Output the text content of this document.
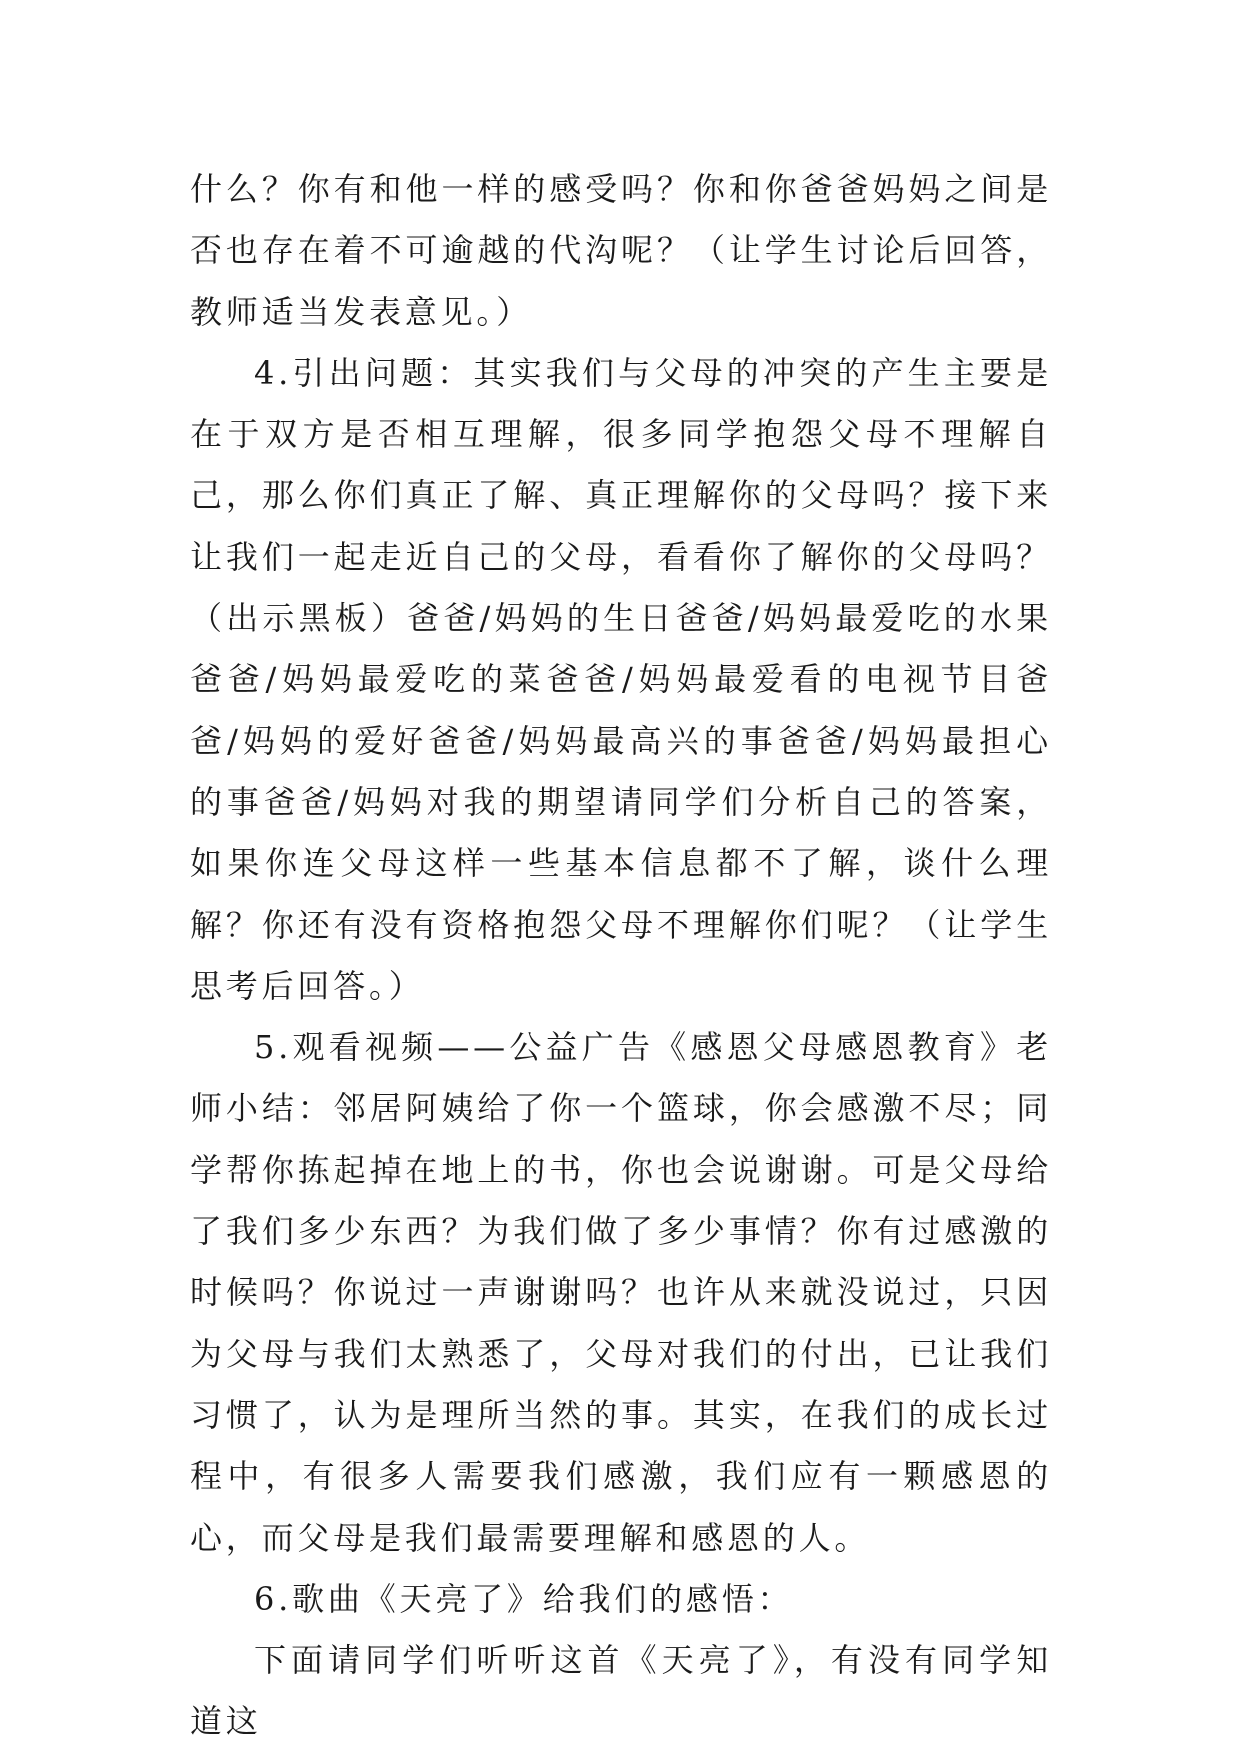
什么？你有和他一样的感受吗？你和你爸爸妈妈之间是否也存在着不可逾越的代沟呢？（让学生讨论后回答，教师适当发表意见。）

4.引出问题：其实我们与父母的冲突的产生主要是在于双方是否相互理解，很多同学抱怨父母不理解自己，那么你们真正了解、真正理解你的父母吗？接下来让我们一起走近自己的父母，看看你了解你的父母吗？（出示黑板）爸爸/妈妈的生日爸爸/妈妈最爱吃的水果爸爸/妈妈最爱吃的菜爸爸/妈妈最爱看的电视节目爸爸/妈妈的爱好爸爸/妈妈最高兴的事爸爸/妈妈最担心的事爸爸/妈妈对我的期望请同学们分析自己的答案，如果你连父母这样一些基本信息都不了解，谈什么理解？你还有没有资格抱怨父母不理解你们呢？（让学生思考后回答。）

5.观看视频——公益广告《感恩父母感恩教育》老师小结：邻居阿姨给了你一个篮球，你会感激不尽；同学帮你拣起掉在地上的书，你也会说谢谢。可是父母给了我们多少东西？为我们做了多少事情？你有过感激的时候吗？你说过一声谢谢吗？也许从来就没说过，只因为父母与我们太熟悉了，父母对我们的付出，已让我们习惯了，认为是理所当然的事。其实，在我们的成长过程中，有很多人需要我们感激，我们应有一颗感恩的心，而父母是我们最需要理解和感恩的人。

6.歌曲《天亮了》给我们的感悟：

下面请同学们听听这首《天亮了》，有没有同学知道这
